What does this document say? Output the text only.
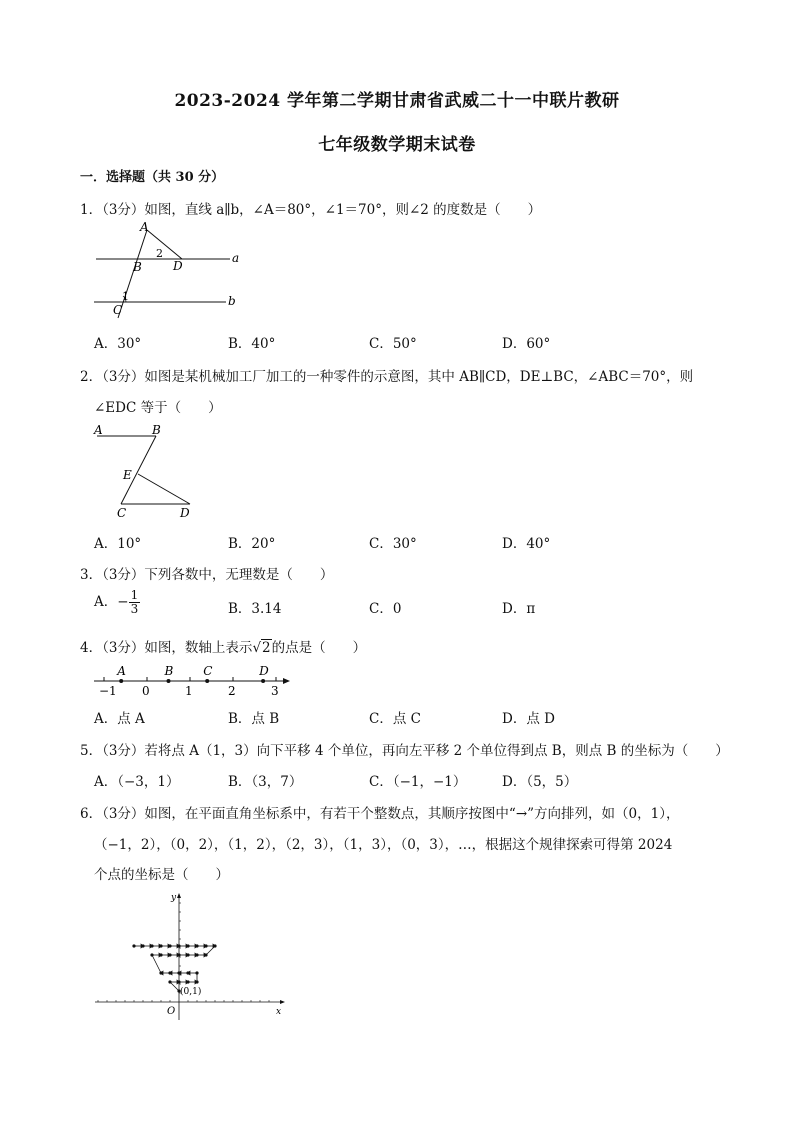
2023-2024 学年第二学期甘肃省武威二十一中联片教研
七年级数学期末试卷
一．选择题（共 30 分）
1．（3分）如图，直线 a∥b，∠A＝80°，∠1＝70°，则∠2 的度数是（　　）
A
2
B	D
a
1
C
b
A．30°	B．40°	C．50°	D．60°
2．（3分）如图是某机械加工厂加工的一种零件的示意图，其中 AB∥CD，DE⊥BC，∠ABC＝70°，则
∠EDC 等于（　　）
A	B
E
C	D
A．10°	B．20°	C．30°	D．40°
3．（3分）下列各数中，无理数是（　　）
A．− $\frac{1}{3}$	B．3.14	C．0	D．π
4．（3分）如图，数轴上表示√2的点是（　　）
−1 0	1	2	3
A	B C	D
A．点 A	B．点 B	C．点 C	D．点 D
5．（3分）若将点 A（1，3）向下平移 4 个单位，再向左平移 2 个单位得到点 B，则点 B 的坐标为（　　）
A．（−3，1）	B．（3，7）	C．（−1，−1）	D．（5，5）
6．（3分）如图，在平面直角坐标系中，有若干个整数点，其顺序按图中“→”方向排列，如（0，1），
（−1，2），（0，2），（1，2），（2，3），（1，3），（0，3），…，根据这个规律探索可得第 2024
个点的坐标是（　　）
y
x
O
(0,1)
